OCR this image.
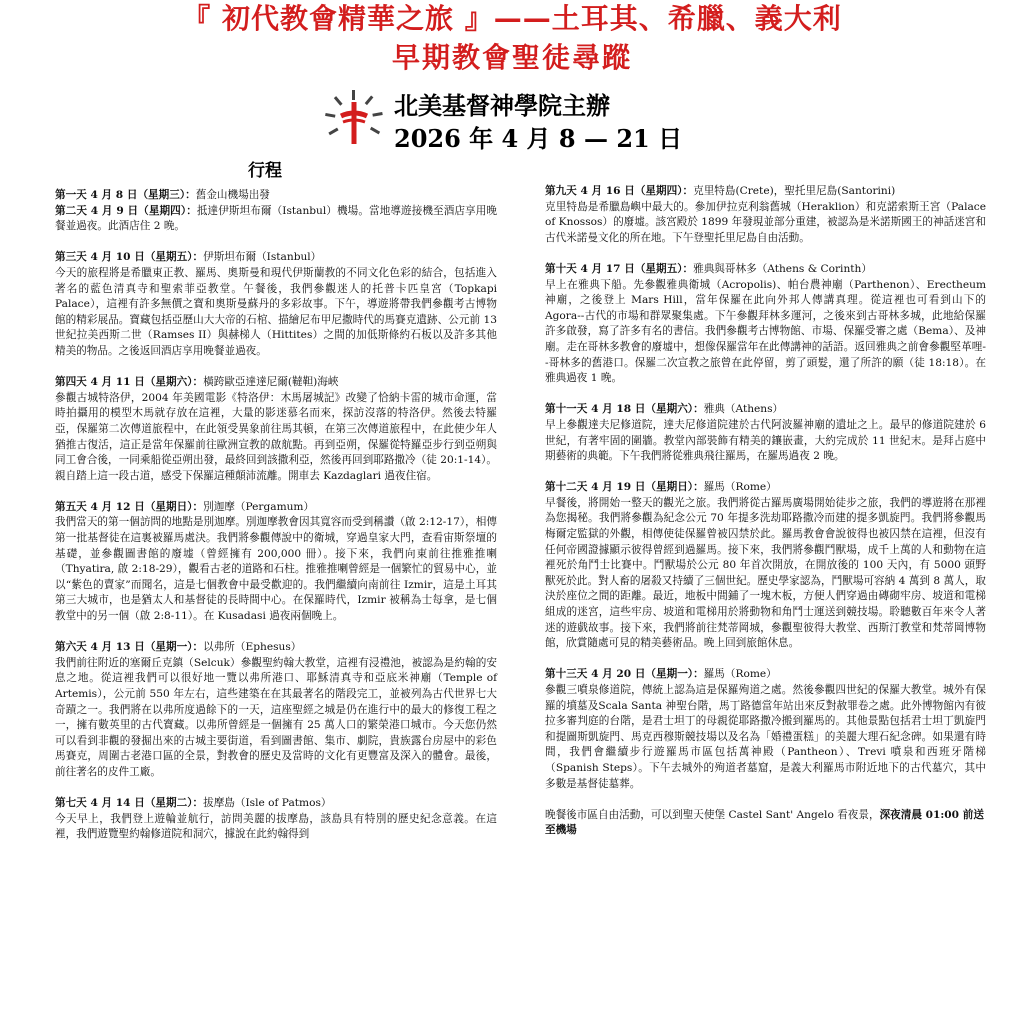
『 初代教會精華之旅 』——土耳其、希臘、義大利
早期教會聖徒尋蹤
北美基督神學院主辦
2026 年 4 月 8 — 21 日
行程
第一天 4 月 8 日（星期三）：舊金山機場出發
第二天 4 月 9 日（星期四）：抵達伊斯坦布爾（Istanbul）機場。當地導遊接機至酒店享用晚餐並過夜。此酒店住 2 晚。
第三天 4 月 10 日（星期五）：伊斯坦布爾（Istanbul）
今天的旅程將是希臘東正教、羅馬、奧斯曼和現代伊斯蘭教的不同文化色彩的結合，包括進入著名的藍色清真寺和聖索菲亞教堂。午餐後，我們參觀迷人的托普卡匹皇宮（Topkapi Palace），這裡有許多無價之寶和奧斯曼蘇丹的多彩故事。下午，導遊將帶我們參觀考古博物館的精彩展品。寶藏包括亞歷山大大帝的石棺、描繪尼布甲尼撒時代的馬賽克遺跡、公元前 13 世紀拉美西斯二世（Ramses II）與赫梯人（Hittites）之間的加低斯條約石板以及許多其他精美的物品。之後返回酒店享用晚餐並過夜。
第四天 4 月 11 日（星期六）：橫跨歐亞達達尼爾(韃靼)海峽
參觀古城特洛伊，2004 年美國電影《特洛伊：木馬屠城記》改變了恰納卡雷的城市命運，當時拍攝用的模型木馬就存放在這裡，大量的影迷慕名而來，探訪沒落的特洛伊。然後去特羅亞，保羅第二次傳道旅程中，在此領受異象前往馬其頓，在第三次傳道旅程中，在此使少年人猶推古復活，這正是當年保羅前往歐洲宣教的啟航點。再到亞朔，保羅從特羅亞步行到亞朔與同工會合後，一同乘船從亞朔出發，最終回到該撒利亞，然後再回到耶路撒冷（徒 20:1-14）。親自踏上這一段古道，感受下保羅這種顛沛流離。開車去 Kazdaglari 過夜住宿。
第五天 4 月 12 日（星期日）：別迦摩（Pergamum）
我們當天的第一個訪問的地點是別迦摩。別迦摩教會因其寬容而受到稱讚（啟 2:12-17），相傳第一批基督徒在這裏被羅馬處決。我們將參觀傳說中的衛城，穿過皇家大門，查看宙斯祭壇的基礎，並參觀圖書館的廢墟（曾經擁有 200,000 冊）。接下來，我們向東前往推雅推喇（Thyatira, 啟 2:18-29），觀看古老的道路和石柱。推雅推喇曾經是一個繁忙的貿易中心，並以“紫色的賣家”而聞名，這是七個教會中最受歡迎的。我們繼續向南前往 Izmir，這是土耳其第三大城市，也是猶太人和基督徒的長時間中心。在保羅時代，Izmir 被稱為士每拿，是七個教堂中的另一個（啟 2:8-11）。在 Kusadasi 過夜兩個晚上。
第六天 4 月 13 日（星期一）：以弗所（Ephesus）
我們前往附近的塞爾丘克鎮（Selcuk）參觀聖約翰大教堂，這裡有浸禮池，被認為是約翰的安息之地。從這裡我們可以很好地一覽以弗所港口、耶穌清真寺和亞底米神廟（Temple of Artemis），公元前 550 年左右，這些建築在在其最著名的階段完工，並被列為古代世界七大奇蹟之一。我們將在以弗所度過餘下的一天，這座聖經之城是仍在進行中的最大的修復工程之一，擁有數英里的古代寶藏。以弗所曾經是一個擁有 25 萬人口的繁榮港口城市。今天您仍然可以看到非觀的發掘出來的古城主要街道，看到圖書館、集市、劇院，貴族露台房屋中的彩色馬賽克，周圍古老港口區的全景，對教會的歷史及當時的文化有更豐富及深入的體會。最後，前往著名的皮件工廠。
第七天 4 月 14 日（星期二）：拔摩島（Isle of Patmos）
今天早上，我們登上遊輪並航行，訪問美麗的拔摩島，該島具有特別的歷史紀念意義。在這裡，我們遊覽聖約翰修道院和洞穴，據說在此約翰得到
第九天 4 月 16 日（星期四）：克里特島(Crete)，聖托里尼島(Santorini)
克里特島是希臘島嶼中最大的。參加伊拉克利翁舊城（Heraklion）和克諾索斯王宮（Palace of Knossos）的廢墟。該宮殿於 1899 年發現並部分重建，被認為是米諾斯國王的神話迷宮和古代米諾曼文化的所在地。下午登聖托里尼島自由活動。
第十天 4 月 17 日（星期五）：雅典與哥林多（Athens & Corinth）
早上在雅典下船。先參觀雅典衛城（Acropolis)、帕台農神廟（Parthenon）、Erectheum 神廟，之後登上 Mars Hill，當年保羅在此向外邦人傳講真理。從這裡也可看到山下的 Agora--古代的市場和群眾聚集處。下午參觀拜林多運河，之後來到古哥林多城，此地給保羅許多啟發，寫了許多有名的書信。我們參觀考古博物館、市場、保羅受審之處（Bema）、及神廟。走在哥林多教會的廢墟中，想像保羅當年在此傳講神的話語。返回雅典之前會參觀堅革哩--哥林多的舊港口。保羅二次宣教之旅曾在此停留，剪了頭髮，還了所許的願（徒 18:18）。在雅典過夜 1 晚。
第十一天 4 月 18 日（星期六）：雅典（Athens）
早上參觀達夫尼修道院，達夫尼修道院建於古代阿波羅神廟的遺址之上。最早的修道院建於 6 世紀，有著牢固的圍牆。教堂內部裝飾有精美的鑲嵌畫，大約完成於 11 世紀末。是拜占庭中期藝術的典範。下午我們將從雅典飛往羅馬，在羅馬過夜 2 晚。
第十二天 4 月 19 日（星期日）：羅馬（Rome）
早餐後，將開始一整天的觀光之旅。我們將從古羅馬廣場開始徒步之旅，我們的導遊將在那裡為您揭秘。我們將參觀為紀念公元 70 年提多洗劫耶路撒冷而建的提多凱旋門。我們將參觀馬梅爾定監獄的外觀，相傳使徒保羅曾被囚禁於此。羅馬教會會說彼得也被囚禁在這裡，但沒有任何帝國證據顯示彼得曾經到過羅馬。接下來，我們將參觀鬥獸場，成千上萬的人和動物在這裡死於角鬥士比賽中。鬥獸場於公元 80 年首次開放，在開放後的 100 天內，有 5000 頭野獸死於此。對人畜的屠殺又持續了三個世紀。歷史學家認為，鬥獸場可容納 4 萬到 8 萬人，取決於座位之間的距離。最近，地板中間鋪了一塊木板，方便人們穿過由磚砌牢房、坡道和電梯組成的迷宮，這些牢房、坡道和電梯用於將動物和角鬥士運送到競技場。聆聽數百年來令人著迷的遊戲故事。接下來，我們將前往梵蒂岡城，參觀聖彼得大教堂、西斯汀教堂和梵蒂岡博物館，欣賞隨處可見的精美藝術品。晚上回到旅館休息。
第十三天 4 月 20 日（星期一）：羅馬（Rome）
參觀三噴泉修道院，傳統上認為這是保羅殉道之處。然後參觀四世紀的保羅大教堂。城外有保羅的墳墓及Scala Santa 神聖台階，馬丁路德當年站出來反對赦罪卷之處。此外博物館內有彼拉多審判庭的台階，是君士坦丁的母親從耶路撒冷搬到羅馬的。其他景點包括君士坦丁凱旋門和提圖斯凱旋門、馬克西穆斯競技場以及名為「婚禮蛋糕」的美麗大理石紀念碑。如果還有時間，我們會繼續步行遊羅馬市區包括萬神殿（Pantheon）、Trevi 噴泉和西班牙階梯（Spanish Steps）。下午去城外的殉道者墓窟，是義大利羅馬市附近地下的古代墓穴，其中多數是基督徒墓葬。
晚餐後市區自由活動，可以到聖天使堡 Castel Sant' Angelo 看夜景，深夜清晨 01:00 前送至機場
